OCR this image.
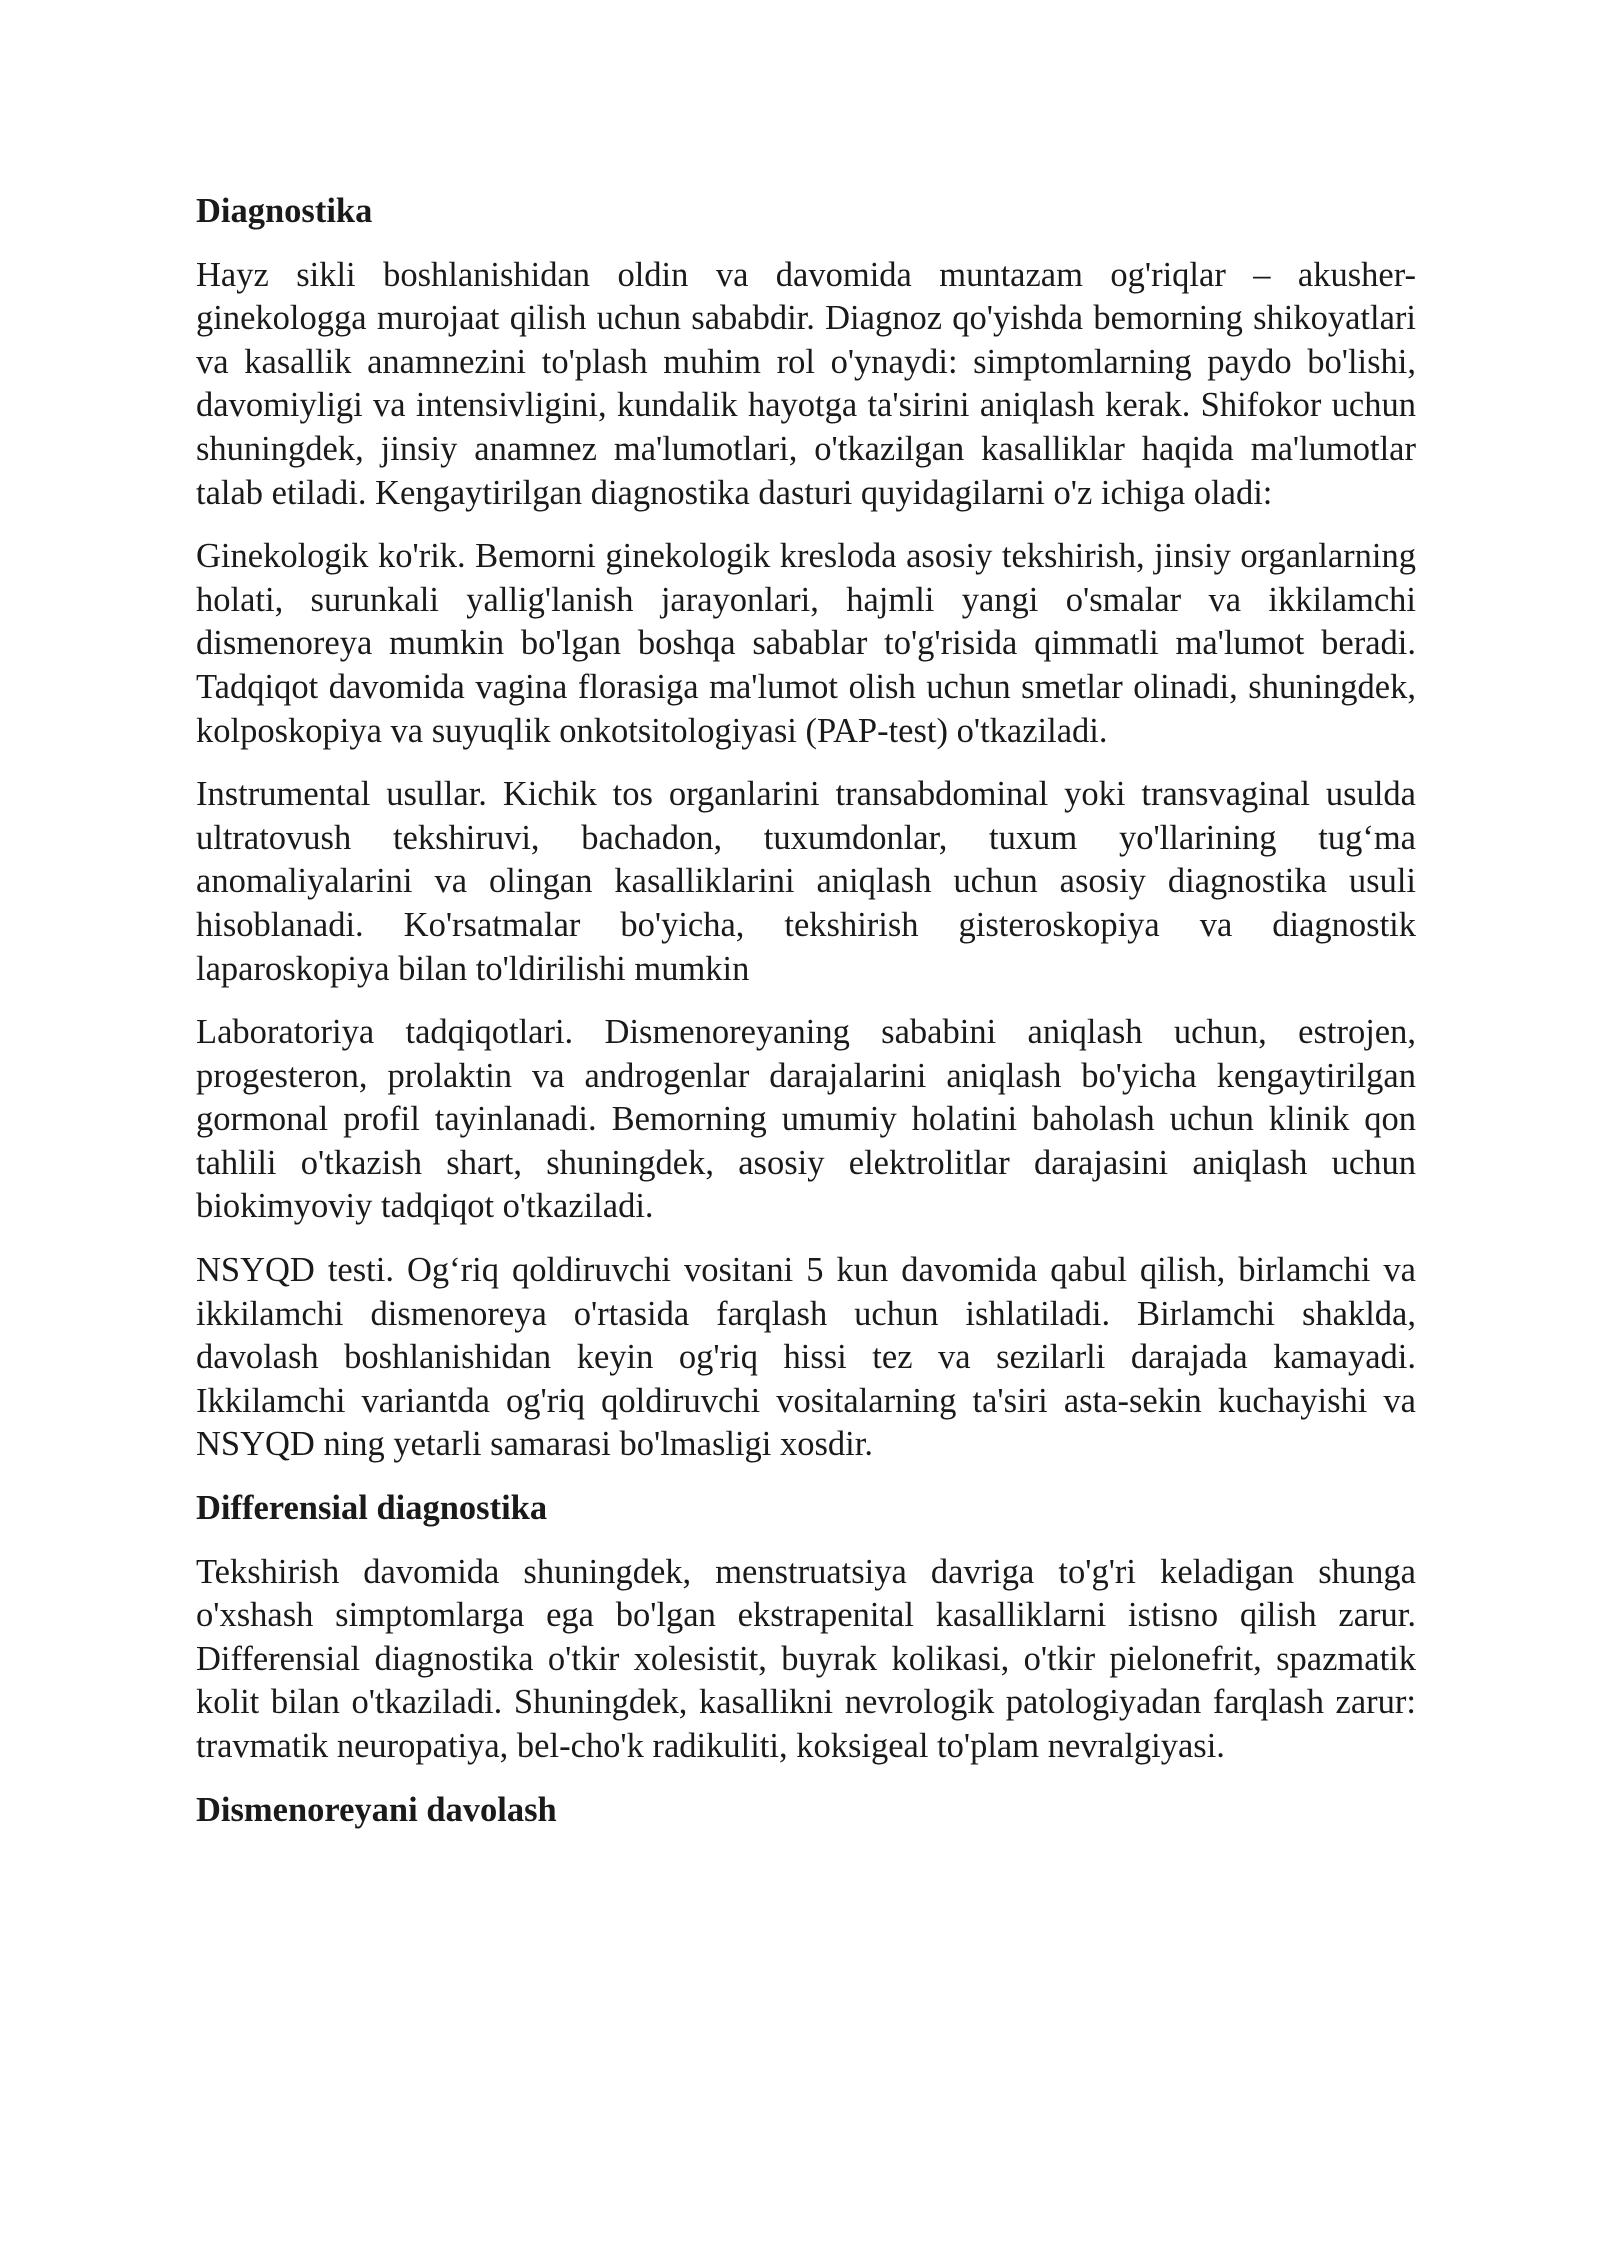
Diagnostika

Hayz sikli boshlanishidan oldin va davomida muntazam og'riqlar – akusher-ginekologga murojaat qilish uchun sababdir. Diagnoz qo'yishda bemorning shikoyatlari va kasallik anamnezini to'plash muhim rol o'ynaydi: simptomlarning paydo bo'lishi, davomiyligi va intensivligini, kundalik hayotga ta'sirini aniqlash kerak. Shifokor uchun shuningdek, jinsiy anamnez ma'lumotlari, o'tkazilgan kasalliklar haqida ma'lumotlar talab etiladi. Kengaytirilgan diagnostika dasturi quyidagilarni o'z ichiga oladi:

Ginekologik ko'rik. Bemorni ginekologik kresloda asosiy tekshirish, jinsiy organlarning holati, surunkali yallig'lanish jarayonlari, hajmli yangi o'smalar va ikkilamchi dismenoreya mumkin bo'lgan boshqa sabablar to'g'risida qimmatli ma'lumot beradi. Tadqiqot davomida vagina florasiga ma'lumot olish uchun smetlar olinadi, shuningdek, kolposkopiya va suyuqlik onkotsitologiyasi (PAP-test) o'tkaziladi.

Instrumental usullar. Kichik tos organlarini transabdominal yoki transvaginal usulda ultratovush tekshiruvi, bachadon, tuxumdonlar, tuxum yo'llarining tug‘ma anomaliyalarini va olingan kasalliklarini aniqlash uchun asosiy diagnostika usuli hisoblanadi. Ko'rsatmalar bo'yicha, tekshirish gisteroskopiya va diagnostik laparoskopiya bilan to'ldirilishi mumkin

Laboratoriya tadqiqotlari. Dismenoreyaning sababini aniqlash uchun, estrojen, progesteron, prolaktin va androgenlar darajalarini aniqlash bo'yicha kengaytirilgan gormonal profil tayinlanadi. Bemorning umumiy holatini baholash uchun klinik qon tahlili o'tkazish shart, shuningdek, asosiy elektrolitlar darajasini aniqlash uchun biokimyoviy tadqiqot o'tkaziladi.

NSYQD testi. Og‘riq qoldiruvchi vositani 5 kun davomida qabul qilish, birlamchi va ikkilamchi dismenoreya o'rtasida farqlash uchun ishlatiladi. Birlamchi shaklda, davolash boshlanishidan keyin og'riq hissi tez va sezilarli darajada kamayadi. Ikkilamchi variantda og'riq qoldiruvchi vositalarning ta'siri asta-sekin kuchayishi va NSYQD ning yetarli samarasi bo'lmasligi xosdir.

Differensial diagnostika

Tekshirish davomida shuningdek, menstruatsiya davriga to'g'ri keladigan shunga o'xshash simptomlarga ega bo'lgan ekstrapenital kasalliklarni istisno qilish zarur. Differensial diagnostika o'tkir xolesistit, buyrak kolikasi, o'tkir pielonefrit, spazmatik kolit bilan o'tkaziladi. Shuningdek, kasallikni nevrologik patologiyadan farqlash zarur: travmatik neuropatiya, bel-cho'k radikuliti, koksigeal to'plam nevralgiyasi.

Dismenoreyani davolash
